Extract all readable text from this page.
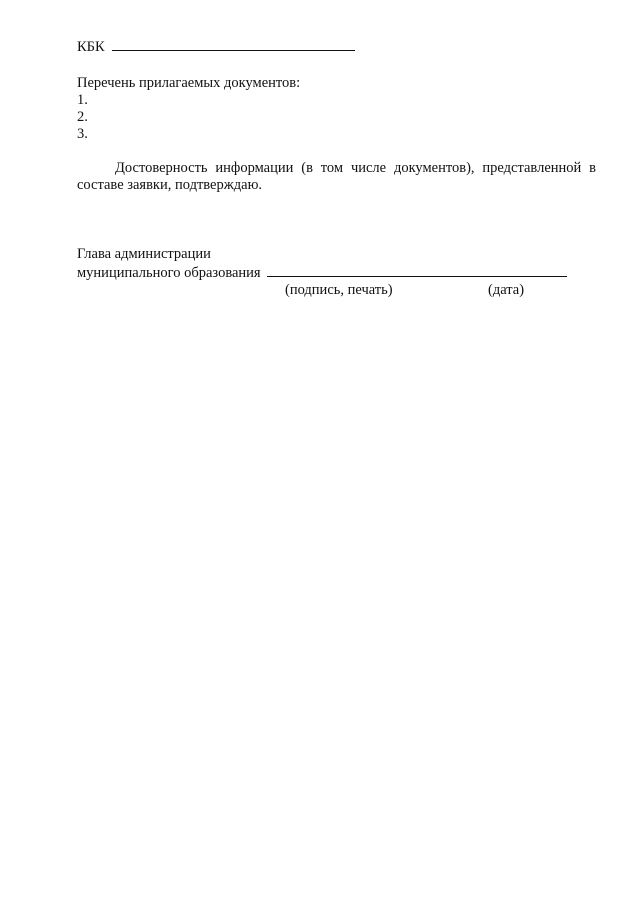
КБК
Перечень прилагаемых документов:
1.
2.
3.
Достоверность информации (в том числе документов), представленной в составе заявки, подтверждаю.
Глава администрации
муниципального образования
(подпись, печать)	(дата)
